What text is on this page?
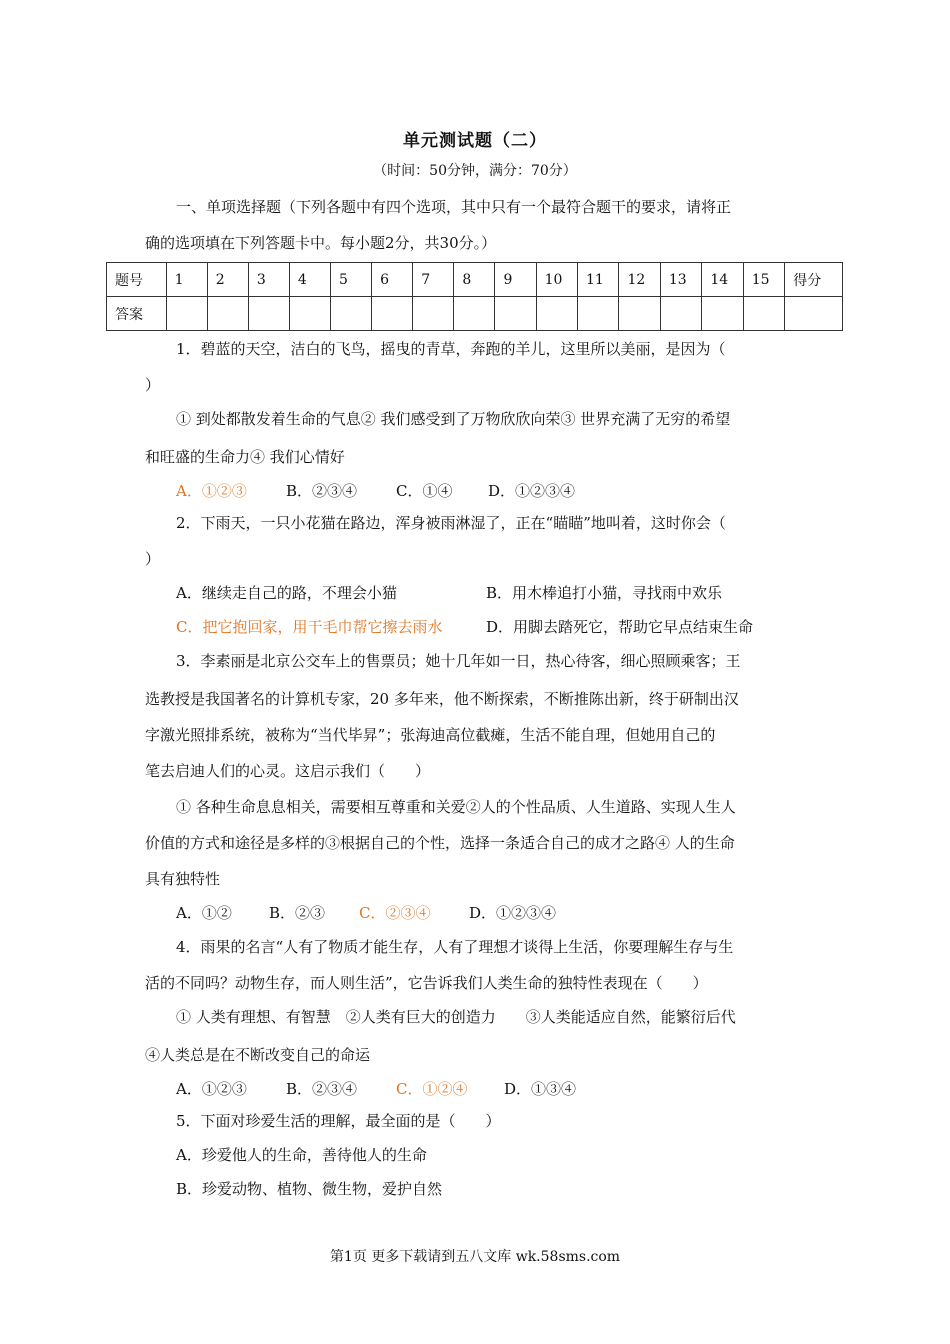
单元测试题（二）
（时间：50分钟，满分：70分）
一、单项选择题（下列各题中有四个选项，其中只有一个最符合题干的要求，请将正
确的选项填在下列答题卡中。每小题2分，共30分。）
题号	1	2	3	4	5	6	7	8	9	10	11	12	13	14	15	得分
答案																
1．碧蓝的天空，洁白的飞鸟，摇曳的青草，奔跑的羊儿，这里所以美丽，是因为（
）
① 到处都散发着生命的气息② 我们感受到了万物欣欣向荣③ 世界充满了无穷的希望
和旺盛的生命力④ 我们心情好
A．①②③	B．②③④	C．①④ D．①②③④
2．下雨天，一只小花猫在路边，浑身被雨淋湿了，正在“瞄瞄”地叫着，这时你会（
）
A．继续走自己的路，不理会小猫	B．用木棒追打小猫，寻找雨中欢乐
C．把它抱回家，用干毛巾帮它擦去雨水	D．用脚去踏死它，帮助它早点结束生命
3．李素丽是北京公交车上的售票员；她十几年如一日，热心待客，细心照顾乘客；王
选教授是我国著名的计算机专家，20 多年来，他不断探索，不断推陈出新，终于研制出汉
字激光照排系统，被称为“当代毕昇”；张海迪高位截瘫，生活不能自理，但她用自己的
笔去启迪人们的心灵。这启示我们（　　）
① 各种生命息息相关，需要相互尊重和关爱②人的个性品质、人生道路、实现人生人
价值的方式和途径是多样的③根据自己的个性，选择一条适合自己的成才之路④ 人的生命
具有独特性
A．①② B．②③ C．②③④	D．①②③④
4．雨果的名言“人有了物质才能生存，人有了理想才谈得上生活，你要理解生存与生
活的不同吗？动物生存，而人则生活”，它告诉我们人类生命的独特性表现在（　　）
① 人类有理想、有智慧　②人类有巨大的创造力　　③人类能适应自然，能繁衍后代
④人类总是在不断改变自己的命运
A．①②③	B．②③④	C．①②④ D．①③④
5．下面对珍爱生活的理解，最全面的是（　　）
A．珍爱他人的生命，善待他人的生命
B．珍爱动物、植物、微生物，爱护自然
第1页 更多下载请到五八文库 wk.58sms.com
